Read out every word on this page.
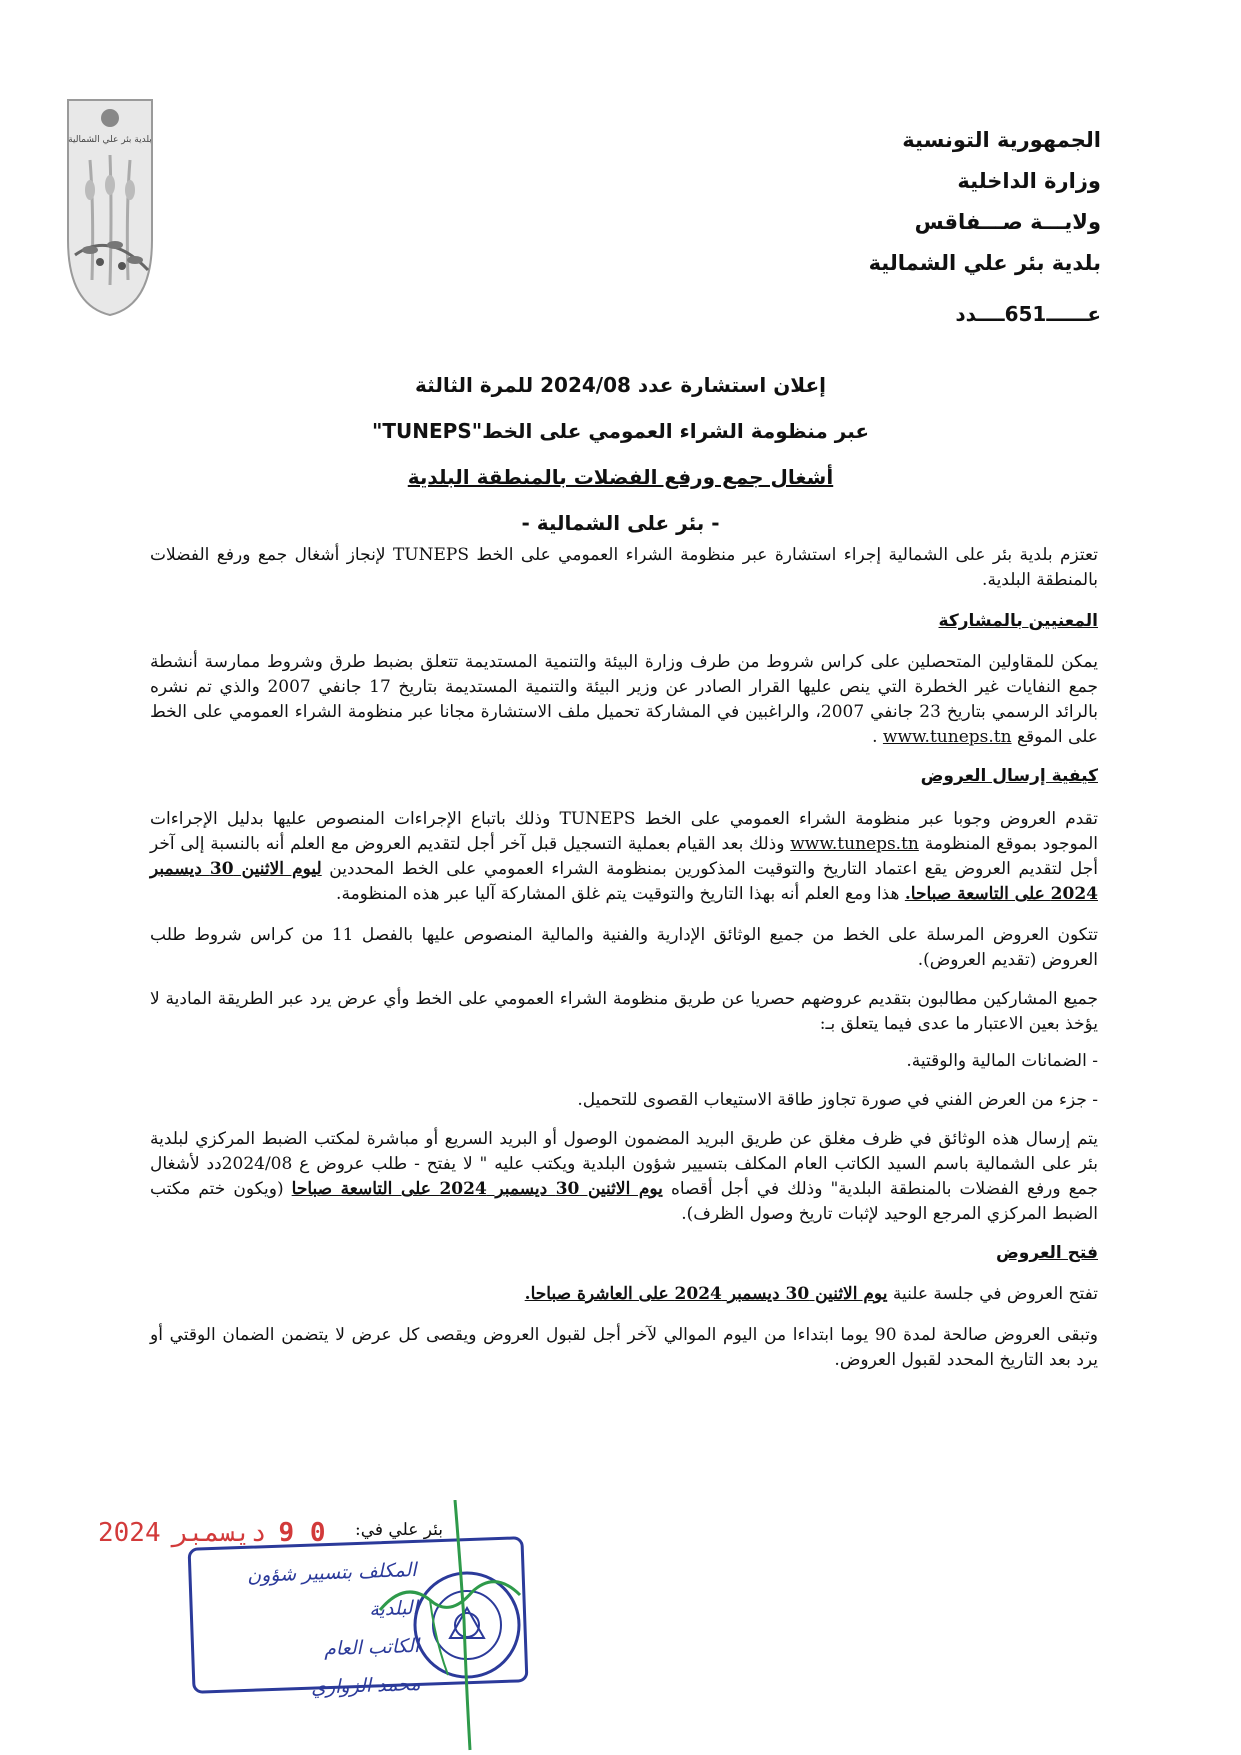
بلدية بئر علي الشمالية	الجمهورية التونسية
وزارة الداخلية
ولايـــة صـــفاقس
بلدية بئر علي الشمالية
عــــــ651ــــدد
إعلان استشارة عدد 2024/08 للمرة الثالثة
عبر منظومة الشراء العمومي على الخط"TUNEPS"
أشغال جمع ورفع الفضلات بالمنطقة البلدية
- بئر على الشمالية -

تعتزم بلدية بئر على الشمالية إجراء استشارة عبر منظومة الشراء العمومي على الخط TUNEPS لإنجاز أشغال جمع ورفع الفضلات بالمنطقة البلدية.

المعنيين بالمشاركة

يمكن للمقاولين المتحصلين على كراس شروط من طرف وزارة البيئة والتنمية المستديمة تتعلق بضبط طرق وشروط ممارسة أنشطة جمع النفايات غير الخطرة التي ينص عليها القرار الصادر عن وزير البيئة والتنمية المستديمة بتاريخ 17 جانفي 2007 والذي تم نشره بالرائد الرسمي بتاريخ 23 جانفي 2007، والراغبين في المشاركة تحميل ملف الاستشارة مجانا عبر منظومة الشراء العمومي على الخط على الموقع www.tuneps.tn .

كيفية إرسال العروض

تقدم العروض وجوبا عبر منظومة الشراء العمومي على الخط TUNEPS وذلك باتباع الإجراءات المنصوص عليها بدليل الإجراءات الموجود بموقع المنظومة www.tuneps.tn وذلك بعد القيام بعملية التسجيل قبل آخر أجل لتقديم العروض مع العلم أنه بالنسبة إلى آخر أجل لتقديم العروض يقع اعتماد التاريخ والتوقيت المذكورين بمنظومة الشراء العمومي على الخط المحددين ليوم الاثنين 30 ديسمبر 2024 على التاسعة صباحا. هذا ومع العلم أنه بهذا التاريخ والتوقيت يتم غلق المشاركة آليا عبر هذه المنظومة.

تتكون العروض المرسلة على الخط من جميع الوثائق الإدارية والفنية والمالية المنصوص عليها بالفصل 11 من كراس شروط طلب العروض (تقديم العروض).

جميع المشاركين مطالبون بتقديم عروضهم حصريا عن طريق منظومة الشراء العمومي على الخط وأي عرض يرد عبر الطريقة المادية لا يؤخذ بعين الاعتبار ما عدى فيما يتعلق بـ:

- الضمانات المالية والوقتية.

- جزء من العرض الفني في صورة تجاوز طاقة الاستيعاب القصوى للتحميل.

يتم إرسال هذه الوثائق في ظرف مغلق عن طريق البريد المضمون الوصول أو البريد السريع أو مباشرة لمكتب الضبط المركزي لبلدية بئر على الشمالية باسم السيد الكاتب العام المكلف بتسيير شؤون البلدية ويكتب عليه " لا يفتح - طلب عروض ع 2024/08دد لأشغال جمع ورفع الفضلات بالمنطقة البلدية" وذلك في أجل أقصاه يوم الاثنين 30 ديسمبر 2024 على التاسعة صباحا (ويكون ختم مكتب الضبط المركزي المرجع الوحيد لإثبات تاريخ وصول الظرف).

فتح العروض

تفتح العروض في جلسة علنية يوم الاثنين 30 ديسمبر 2024 على العاشرة صباحا.

وتبقى العروض صالحة لمدة 90 يوما ابتداءا من اليوم الموالي لآخر أجل لقبول العروض ويقصى كل عرض لا يتضمن الضمان الوقتي أو يرد بعد التاريخ المحدد لقبول العروض.

0 9ديسمبر2024	بئر علي في:
المكلف بتسيير شؤون البلدية
الكاتب العام
محمد الزواري
